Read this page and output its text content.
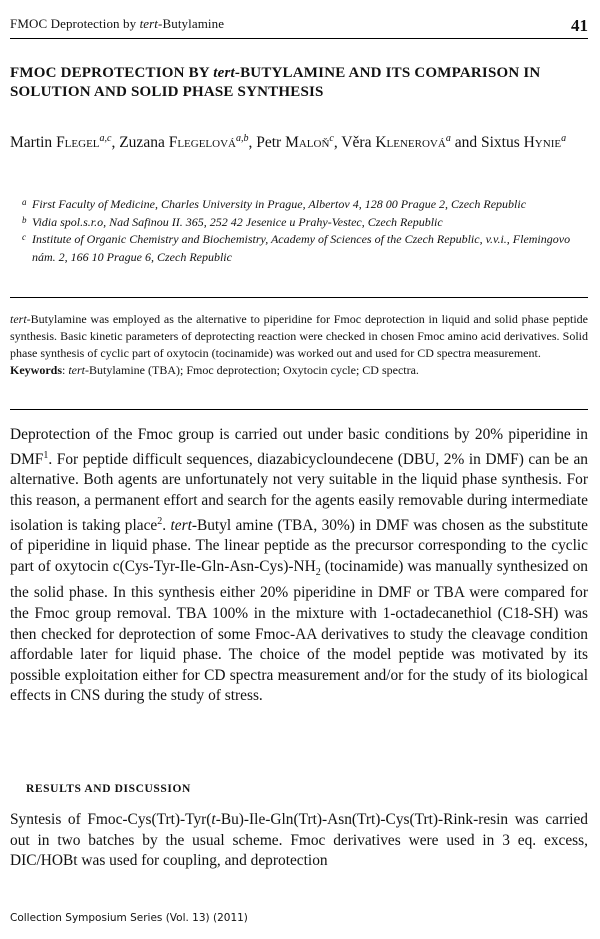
FMOC Deprotection by tert-Butylamine	41
FMOC DEPROTECTION BY tert-BUTYLAMINE AND ITS COMPARISON IN SOLUTION AND SOLID PHASE SYNTHESIS
Martin Flegel$^{a,c}$, Zuzana Flegelová$^{a,b}$, Petr Maloň$^c$, Věra Klenerová$^a$ and Sixtus Hynie$^a$
a First Faculty of Medicine, Charles University in Prague, Albertov 4, 128 00 Prague 2, Czech Republic
b Vidia spol.s.r.o, Nad Safinou II. 365, 252 42 Jesenice u Prahy-Vestec, Czech Republic
c Institute of Organic Chemistry and Biochemistry, Academy of Sciences of the Czech Republic, v.v.i., Flemingovo nám. 2, 166 10 Prague 6, Czech Republic

tert-Butylamine was employed as the alternative to piperidine for Fmoc deprotection in liquid and solid phase peptide synthesis. Basic kinetic parameters of deprotecting reaction were checked in chosen Fmoc amino acid derivatives. Solid phase synthesis of cyclic part of oxytocin (tocinamide) was worked out and used for CD spectra measurement.

Keywords: tert-Butylamine (TBA); Fmoc deprotection; Oxytocin cycle; CD spectra.

Deprotection of the Fmoc group is carried out under basic conditions by 20% piperidine in DMF$^1$. For peptide difficult sequences, diazabicycloundecene (DBU, 2% in DMF) can be an alternative. Both agents are unfortunately not very suitable in the liquid phase synthesis. For this reason, a permanent effort and search for the agents easily removable during intermediate isolation is taking place$^2$. tert-Butyl amine (TBA, 30%) in DMF was chosen as the substitute of piperidine in liquid phase. The linear peptide as the precursor corresponding to the cyclic part of oxytocin $c(Cys-Tyr-Ile-Gln-Asn-Cys)-NH_2$ (tocinamide) was manually synthesized on the solid phase. In this synthesis either 20% piperidine in DMF or TBA were compared for the Fmoc group removal. TBA 100% in the mixture with 1-octadecanethiol (C18-SH) was then checked for deprotection of some Fmoc-AA derivatives to study the cleavage condition affordable later for liquid phase. The choice of the model peptide was motivated by its possible exploitation either for CD spectra measurement and/or for the study of its biological effects in CNS during the study of stress.

RESULTS AND DISCUSSION

Syntesis of Fmoc-Cys(Trt)-Tyr(t-Bu)-Ile-Gln(Trt)-Asn(Trt)-Cys(Trt)-Rink-resin was carried out in two batches by the usual scheme. Fmoc derivatives were used in 3 eq. excess, DIC/HOBt was used for coupling, and deprotection

Collection Symposium Series (Vol. 13) (2011)
